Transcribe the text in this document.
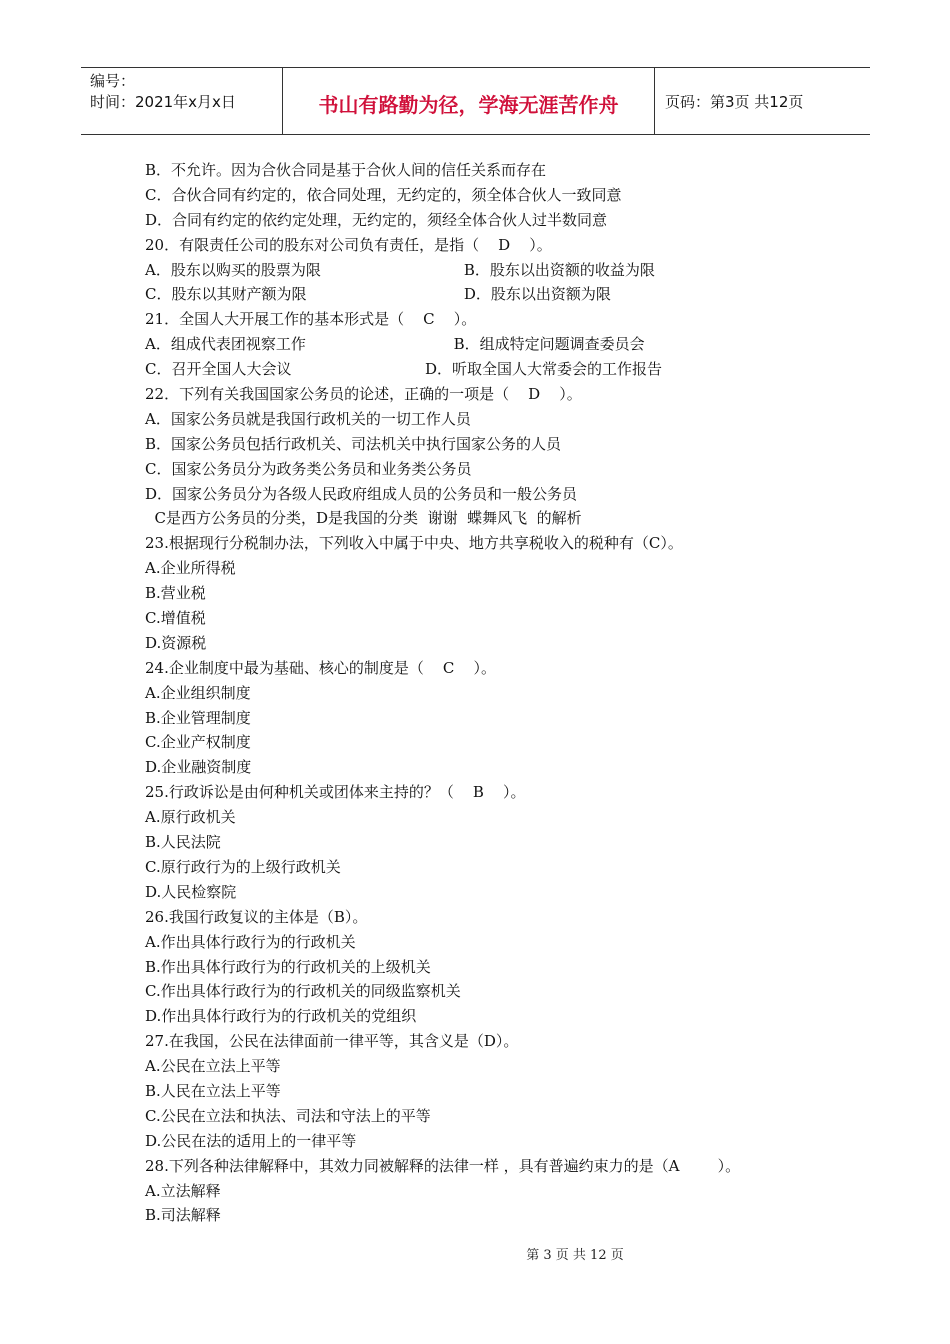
编号：
时间：2021年x月x日	书山有路勤为径，学海无涯苦作舟	页码：第3页 共12页
B．不允许。因为合伙合同是基于合伙人间的信任关系而存在
C．合伙合同有约定的，依合同处理，无约定的，须全体合伙人一致同意
D．合同有约定的依约定处理，无约定的，须经全体合伙人过半数同意
20．有限责任公司的股东对公司负有责任，是指（    D    ）。
A．股东以购买的股票为限                              B．股东以出资额的收益为限
C．股东以其财产额为限                                 D．股东以出资额为限
21．全国人大开展工作的基本形式是（    C    ）。
A．组成代表团视察工作                               B．组成特定问题调查委员会
C．召开全国人大会议                            D．听取全国人大常委会的工作报告
22．下列有关我国国家公务员的论述，正确的一项是（    D    ）。
A．国家公务员就是我国行政机关的一切工作人员
B．国家公务员包括行政机关、司法机关中执行国家公务的人员
C．国家公务员分为政务类公务员和业务类公务员
D．国家公务员分为各级人民政府组成人员的公务员和一般公务员
C是西方公务员的分类，D是我国的分类  谢谢  蝶舞风飞  的解析
23.根据现行分税制办法，下列收入中属于中央、地方共享税收入的税种有（C）。
A.企业所得税
B.营业税
C.增值税
D.资源税
24.企业制度中最为基础、核心的制度是（    C    ）。
A.企业组织制度
B.企业管理制度
C.企业产权制度
D.企业融资制度
25.行政诉讼是由何种机关或团体来主持的？（    B    ）。
A.原行政机关
B.人民法院
C.原行政行为的上级行政机关
D.人民检察院
26.我国行政复议的主体是（B）。
A.作出具体行政行为的行政机关
B.作出具体行政行为的行政机关的上级机关
C.作出具体行政行为的行政机关的同级监察机关
D.作出具体行政行为的行政机关的党组织
27.在我国，公民在法律面前一律平等，其含义是（D）。
A.公民在立法上平等
B.人民在立法上平等
C.公民在立法和执法、司法和守法上的平等
D.公民在法的适用上的一律平等
28.下列各种法律解释中，其效力同被解释的法律一样 ，具有普遍约束力的是（A        ）。
A.立法解释
B.司法解释
第 3 页 共 12 页
